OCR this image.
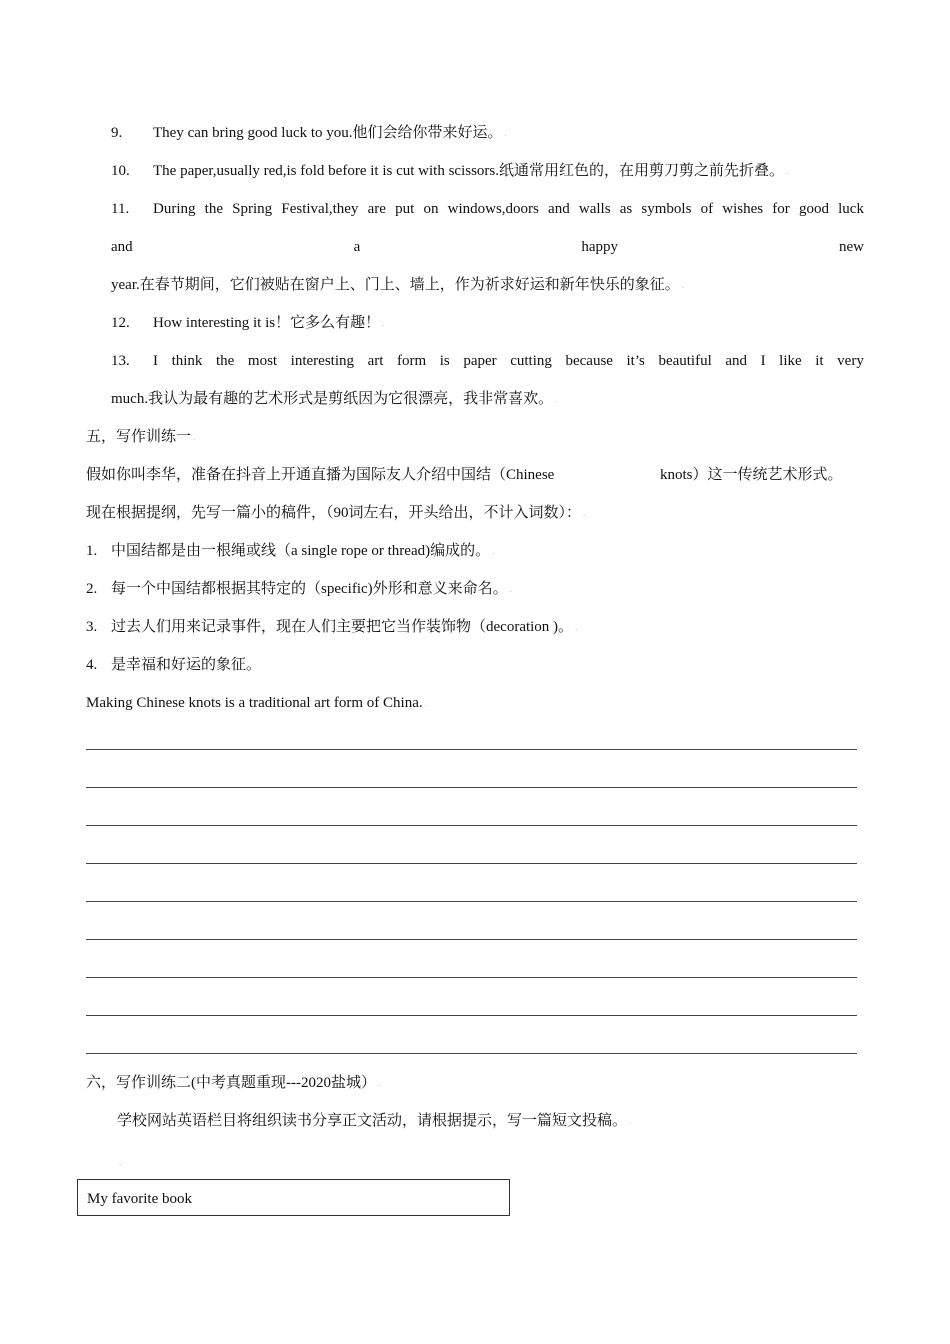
9. They can bring good luck to you.他们会给你带来好运。 .
10. The paper,usually red,is fold before it is cut with scissors.纸通常用红色的，在用剪刀剪之前先折叠。 .
11. During the Spring Festival,they are put on windows,doors and walls as symbols of wishes for good luck
and	a	happy	new
year.在春节期间，它们被贴在窗户上、门上、墙上，作为祈求好运和新年快乐的象征。 .
12. How interesting it is！它多么有趣！ .
13. I think the most interesting art form is paper cutting because it’s beautiful and I like it very
much.我认为最有趣的艺术形式是剪纸因为它很漂亮，我非常喜欢。 .
五，写作训练一 .
假如你叫李华，准备在抖音上开通直播为国际友人介绍中国结（Chinese	knots）这一传统艺术形式。
现在根据提纲，先写一篇小的稿件，（90词左右，开头给出，不计入词数）： .
1. 中国结都是由一根绳或线（a single rope or thread)编成的。 .
2. 每一个中国结都根据其特定的（specific)外形和意义来命名。 .
3. 过去人们用来记录事件，现在人们主要把它当作装饰物（decoration )。 .
4. 是幸福和好运的象征。
Making Chinese knots is a traditional art form of China. .
六，写作训练二(中考真题重现---2020盐城） .
学校网站英语栏目将组织读书分享正文活动，请根据提示，写一篇短文投稿。 .
.
My favorite book
